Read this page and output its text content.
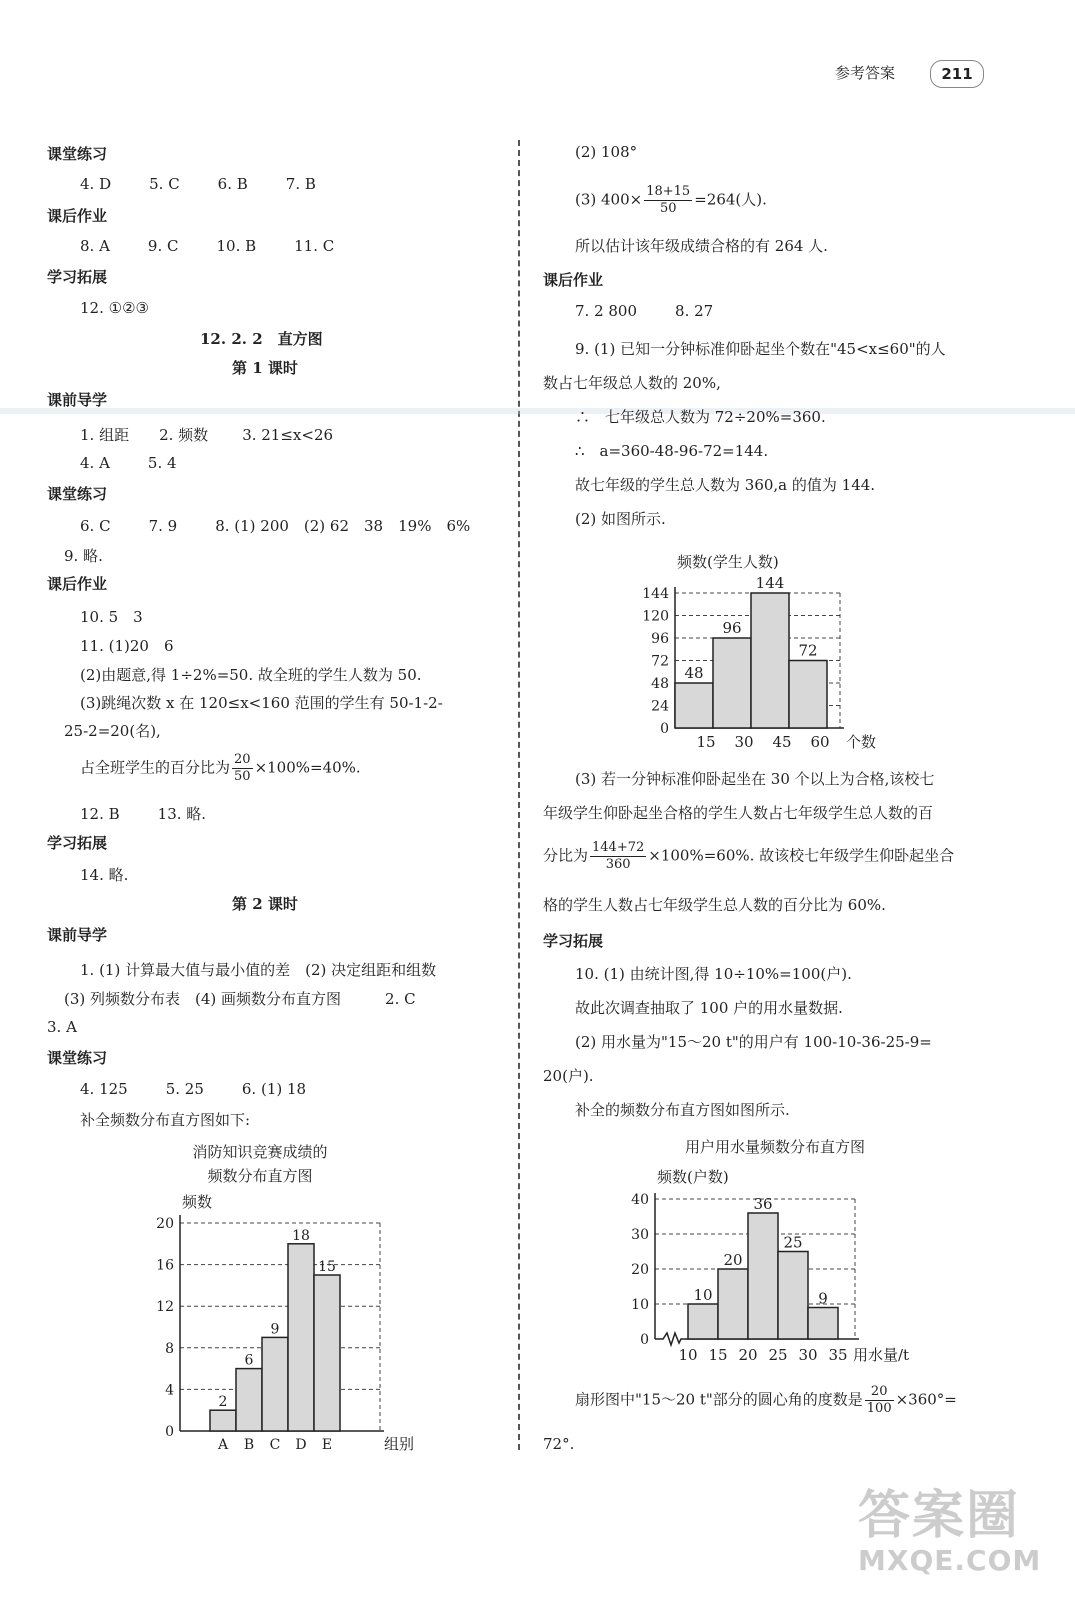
参考答案	211
课堂练习
4. D	5. C	6. B	7. B
课后作业
8. A	9. C	10. B	11. C
学习拓展
12. ①②③
12. 2. 2　直方图
第 1 课时
课前导学
1. 组距 2. 频数 3. 21≤x<26
4. A	5. 4
课堂练习
6. C	7. 9	8. (1) 200　(2) 62　38　19%　6%
9. 略.
课后作业
10. 5　3
11. (1)20　6
(2)由题意,得 1÷2%=50. 故全班的学生人数为 50.
(3)跳绳次数 x 在 120≤x<160 范围的学生有 50-1-2-
25-2=20(名),
占全班学生的百分比为 $\frac{20}{50} \times 100\%=40\%$.
12. B	13. 略.
学习拓展
14. 略.
第 2 课时
课前导学
1. (1) 计算最大值与最小值的差　(2) 决定组距和组数
(3) 列频数分布表　(4) 画频数分布直方图	2. C
3. A
课堂练习
4. 125	5. 25	6. (1) 18
补全频数分布直方图如下:
消防知识竞赛成绩的
频数分布直方图
频数
0
4
8
12
16
20
2
A
6
B
9
C
18
D
15
E	组别
(2) 108°
(3) $400\times \frac{18+15}{50} =264$(人).
所以估计该年级成绩合格的有 264 人.
课后作业
7. 2 800	8. 27
9. (1) 已知一分钟标准仰卧起坐个数在"45<x≤60"的人
数占七年级总人数的 20%,
∴　七年级总人数为 72÷20%=360.
∴　a=360-48-96-72=144.
故七年级的学生总人数为 360,a 的值为 144.
(2) 如图所示.
频数(学生人数)
0
24
48
72
96
120
144
48
96
144
72
15 30 45 60 个数
(3) 若一分钟标准仰卧起坐在 30 个以上为合格,该校七
年级学生仰卧起坐合格的学生人数占七年级学生总人数的百
分比为 $\frac{144+72}{360} \times 100\%=60\%$. 故该校七年级学生仰卧起坐合
格的学生人数占七年级学生总人数的百分比为 60%.
学习拓展
10. (1) 由统计图,得 10÷10%=100(户).
故此次调查抽取了 100 户的用水量数据.
(2) 用水量为"15～20 t"的用户有 100-10-36-25-9=
20(户).
补全的频数分布直方图如图所示.
用户用水量频数分布直方图
频数(户数)
0
10
20
30
40
10
20
36
25
9
10 15 20 25 30 35 用水量/t
扇形图中"15～20 t"部分的圆心角的度数是 $\frac{20}{100} \times 360^\circ=$
72°.
答案圈
MXQE.COM
